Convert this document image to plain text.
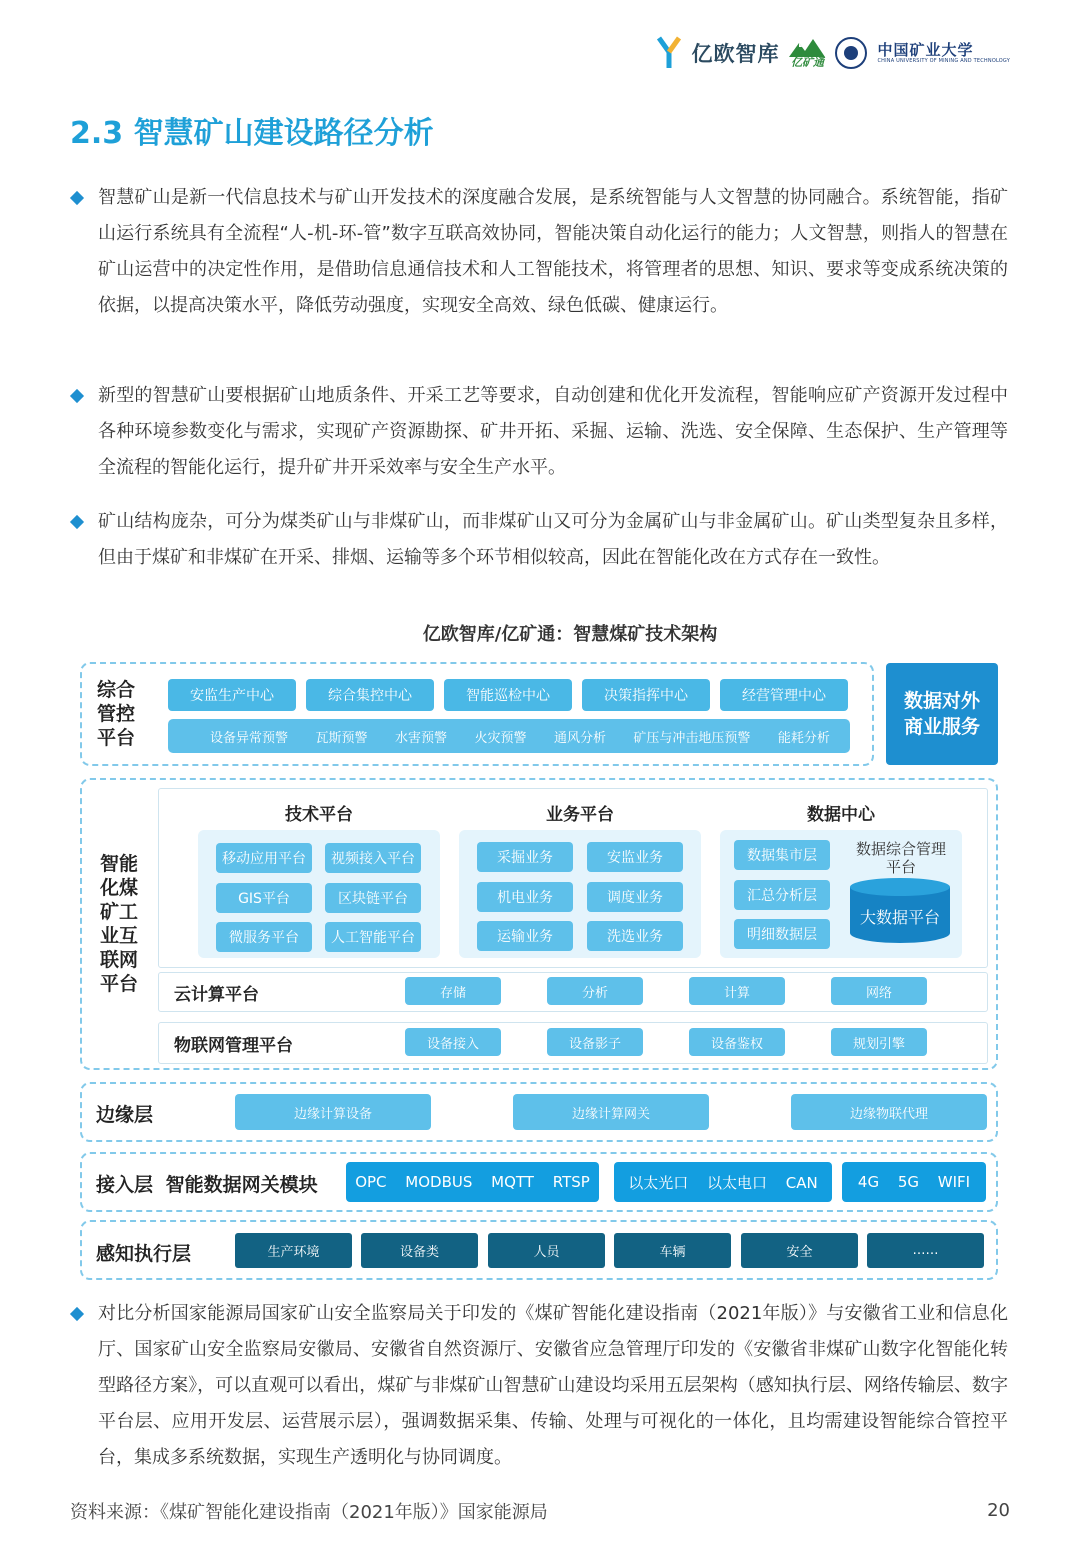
亿欧智库 亿矿通
中国矿业大学
CHINA UNIVERSITY OF MINING AND TECHNOLOGY
2.3 智慧矿山建设路径分析
智慧矿山是新一代信息技术与矿山开发技术的深度融合发展，是系统智能与人文智慧的协同融合。系统智能，指矿山运行系统具有全流程“人-机-环-管”数字互联高效协同，智能决策自动化运行的能力；人文智慧，则指人的智慧在矿山运营中的决定性作用，是借助信息通信技术和人工智能技术，将管理者的思想、知识、要求等变成系统决策的依据，以提高决策水平，降低劳动强度，实现安全高效、绿色低碳、健康运行。
新型的智慧矿山要根据矿山地质条件、开采工艺等要求，自动创建和优化开发流程，智能响应矿产资源开发过程中各种环境参数变化与需求，实现矿产资源勘探、矿井开拓、采掘、运输、洗选、安全保障、生态保护、生产管理等全流程的智能化运行，提升矿井开采效率与安全生产水平。
矿山结构庞杂，可分为煤类矿山与非煤矿山，而非煤矿山又可分为金属矿山与非金属矿山。矿山类型复杂且多样，但由于煤矿和非煤矿在开采、排烟、运输等多个环节相似较高，因此在智能化改在方式存在一致性。
亿欧智库/亿矿通：智慧煤矿技术架构
综合管控平台
安监生产中心	综合集控中心	智能巡检中心	决策指挥中心	经营管理中心
设备异常预警 瓦斯预警 水害预警 火灾预警 通风分析 矿压与冲击地压预警 能耗分析
数据对外商业服务
智能化煤矿工业互联网平台
技术平台
移动应用平台	视频接入平台
GIS平台	区块链平台
微服务平台	人工智能平台
业务平台
采掘业务	安监业务
机电业务	调度业务
运输业务	洗选业务
数据中心
数据集市层
汇总分析层
明细数据层
数据综合管理平台
大数据平台
云计算平台	存储	分析	计算	网络
物联网管理平台	设备接入	设备影子	设备鉴权	规划引擎
边缘层	边缘计算设备	边缘计算网关	边缘物联代理
接入层 智能数据网关模块	OPC MODBUS MQTT RTSP	以太光口 以太电口 CAN	4G 5G WIFI
感知执行层	生产环境	设备类	人员	车辆	安全	……
对比分析国家能源局国家矿山安全监察局关于印发的《煤矿智能化建设指南（2021年版）》与安徽省工业和信息化厅、国家矿山安全监察局安徽局、安徽省自然资源厅、安徽省应急管理厅印发的《安徽省非煤矿山数字化智能化转型路径方案》，可以直观可以看出，煤矿与非煤矿山智慧矿山建设均采用五层架构（感知执行层、网络传输层、数字平台层、应用开发层、运营展示层），强调数据采集、传输、处理与可视化的一体化，且均需建设智能综合管控平台，集成多系统数据，实现生产透明化与协同调度。
资料来源：《煤矿智能化建设指南（2021年版）》国家能源局	20
